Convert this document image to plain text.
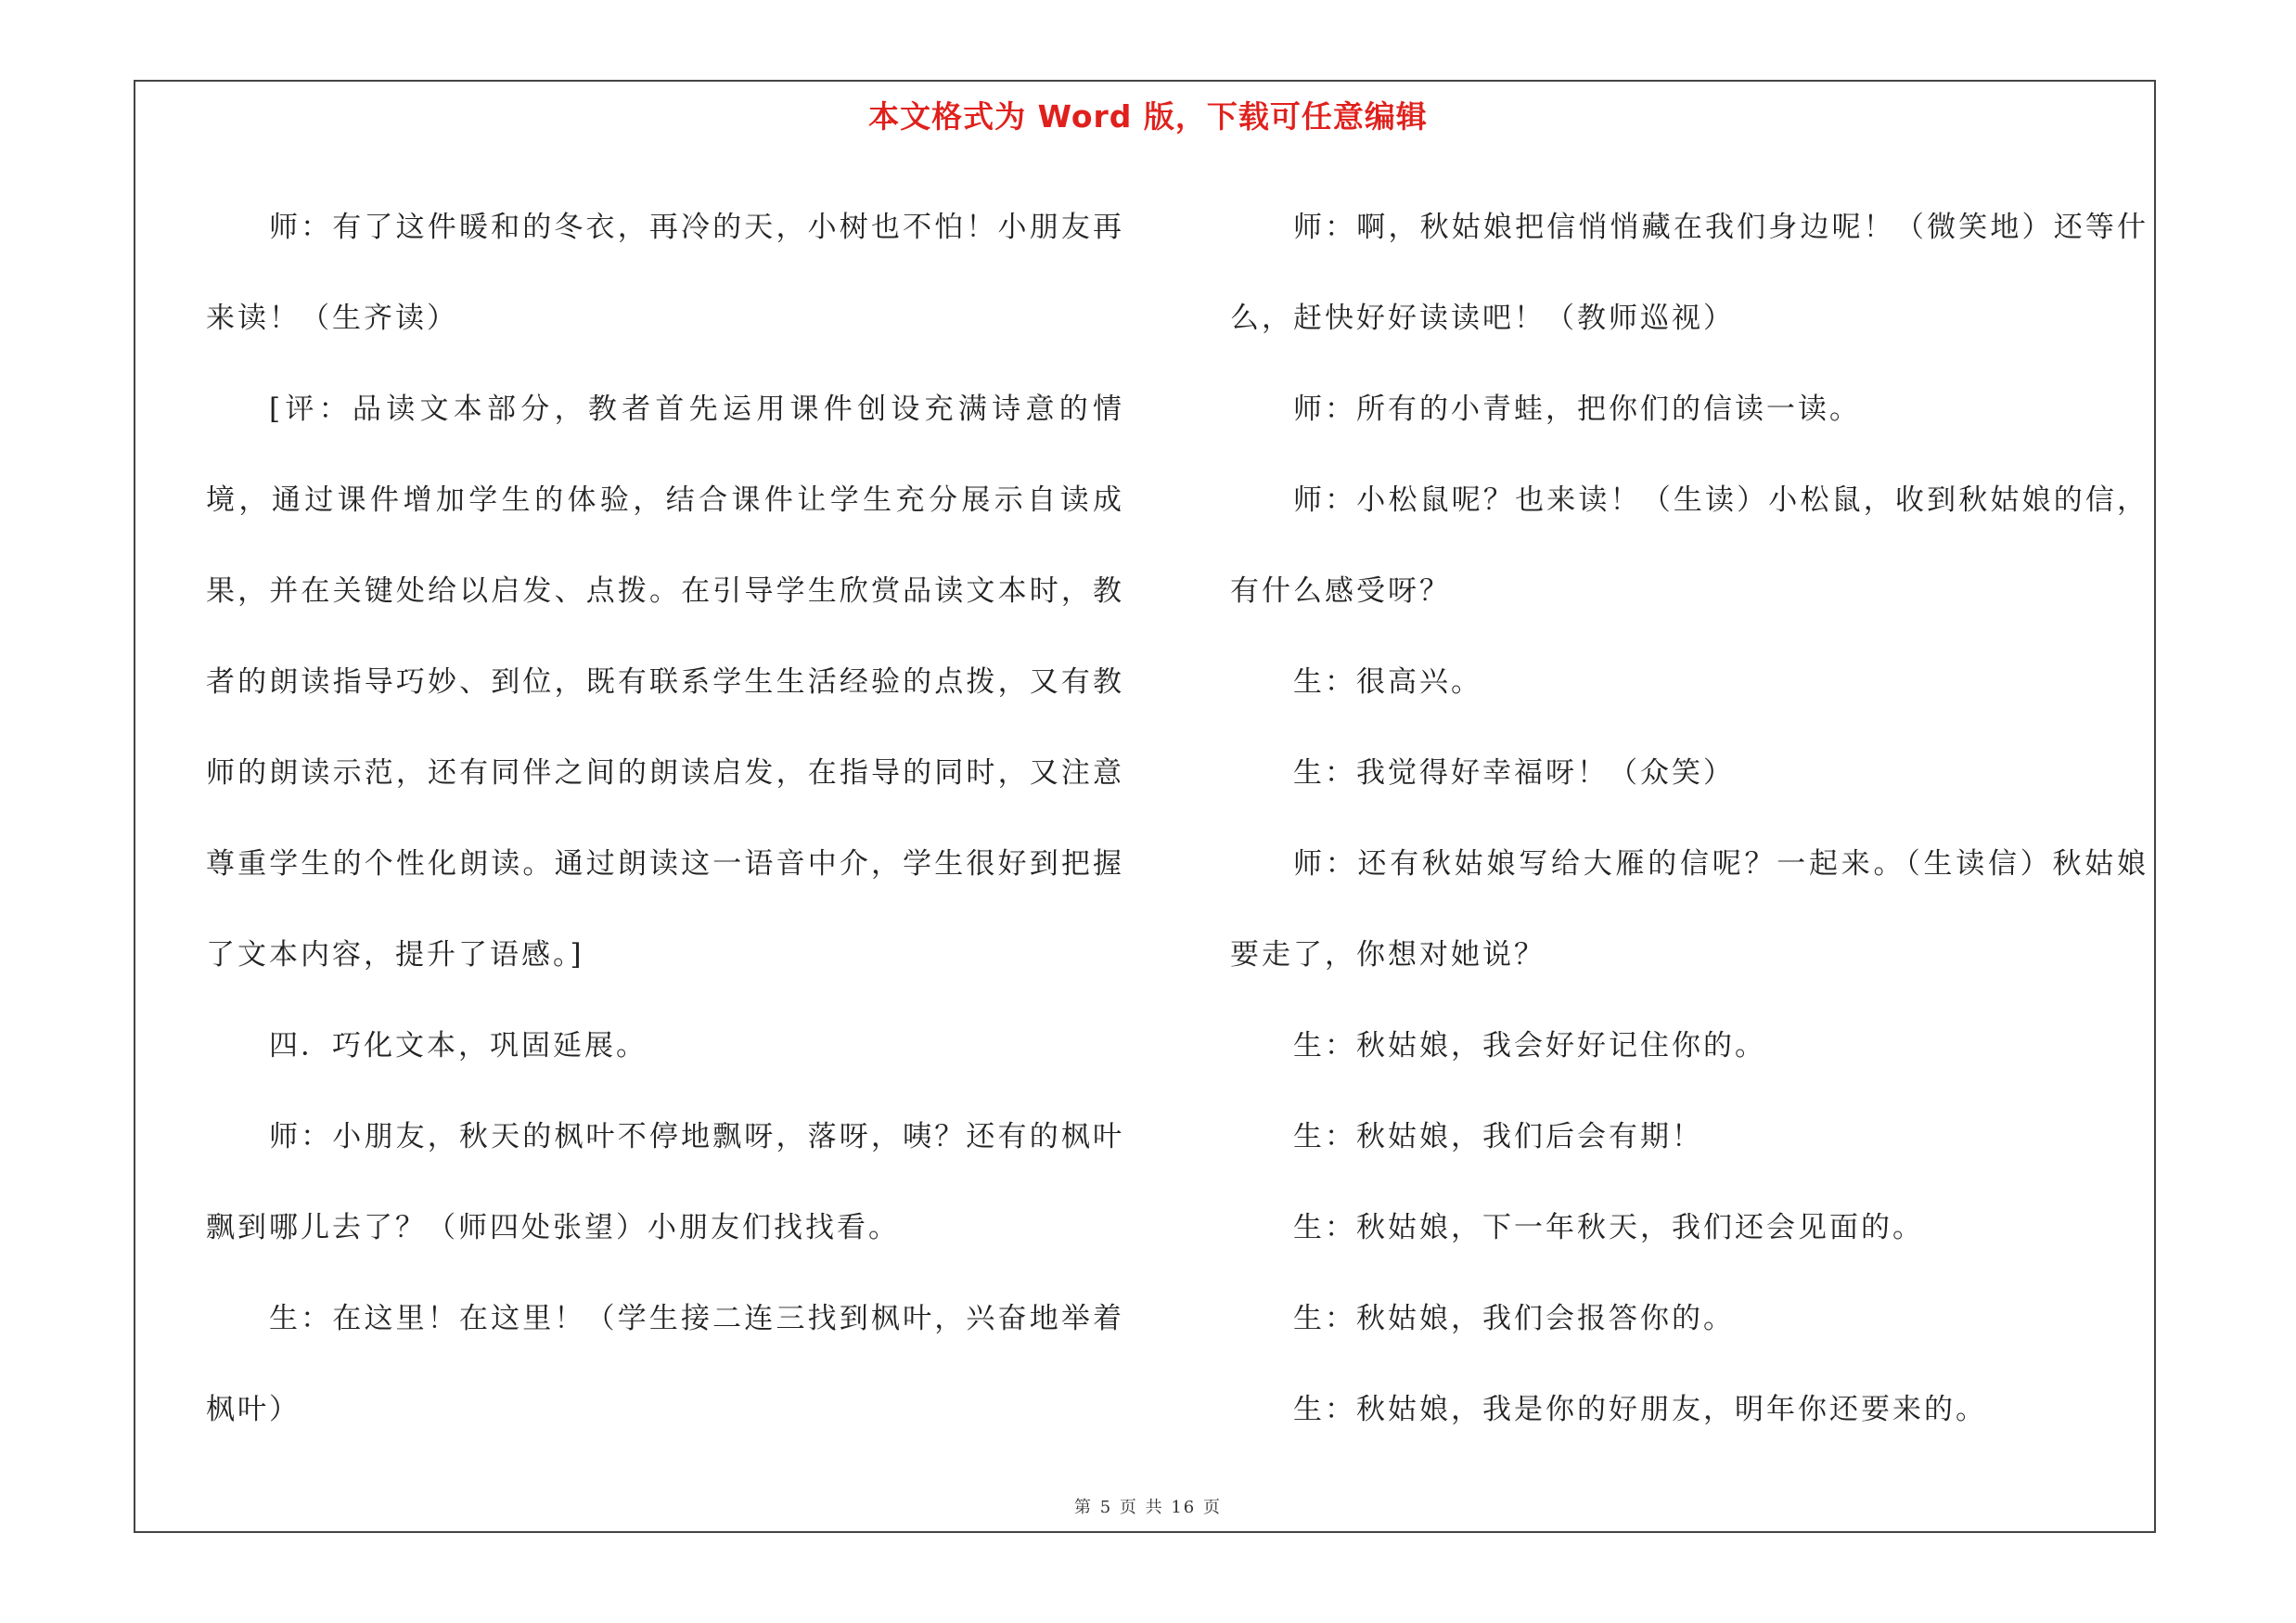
本文格式为 Word 版，下载可任意编辑

师：有了这件暖和的冬衣，再冷的天，小树也不怕！小朋友再来读！（生齐读）

[评：品读文本部分，教者首先运用课件创设充满诗意的情境，通过课件增加学生的体验，结合课件让学生充分展示自读成果，并在关键处给以启发、点拨。在引导学生欣赏品读文本时，教者的朗读指导巧妙、到位，既有联系学生生活经验的点拨，又有教师的朗读示范，还有同伴之间的朗读启发，在指导的同时，又注意尊重学生的个性化朗读。通过朗读这一语音中介，学生很好到把握了文本内容，提升了语感。]

四．巧化文本，巩固延展。

师：小朋友，秋天的枫叶不停地飘呀，落呀，咦？还有的枫叶飘到哪儿去了？（师四处张望）小朋友们找找看。

生：在这里！在这里！（学生接二连三找到枫叶，兴奋地举着枫叶）

师：啊，秋姑娘把信悄悄藏在我们身边呢！（微笑地）还等什么，赶快好好读读吧！（教师巡视）

师：所有的小青蛙，把你们的信读一读。

师：小松鼠呢？也来读！（生读）小松鼠，收到秋姑娘的信，有什么感受呀？

生：很高兴。

生：我觉得好幸福呀！（众笑）

师：还有秋姑娘写给大雁的信呢？一起来。（生读信）秋姑娘要走了，你想对她说？

生：秋姑娘，我会好好记住你的。

生：秋姑娘，我们后会有期！

生：秋姑娘，下一年秋天，我们还会见面的。

生：秋姑娘，我们会报答你的。

生：秋姑娘，我是你的好朋友，明年你还要来的。

第 5 页 共 16 页
